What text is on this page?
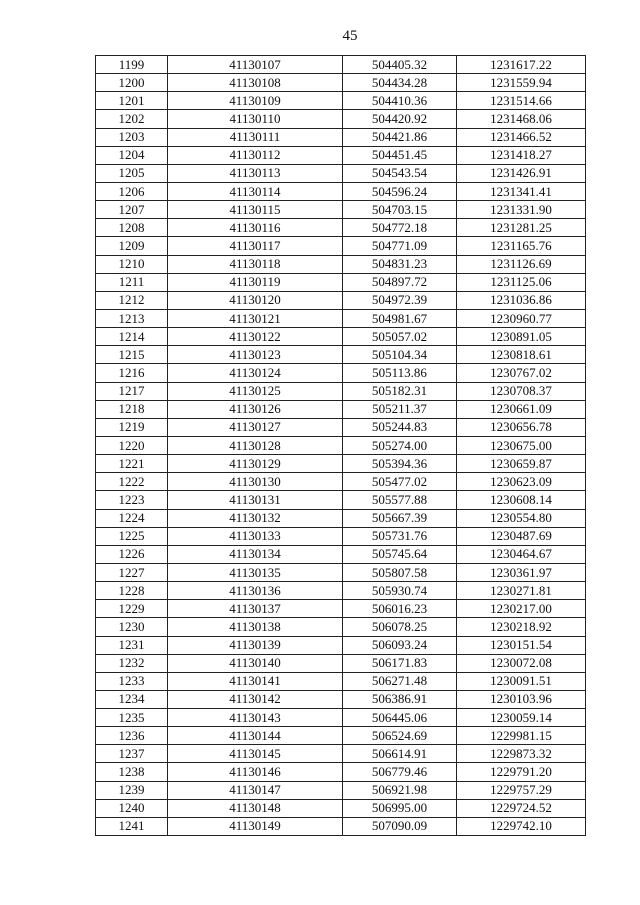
45
1199	41130107	504405.32	1231617.22
1200	41130108	504434.28	1231559.94
1201	41130109	504410.36	1231514.66
1202	41130110	504420.92	1231468.06
1203	41130111	504421.86	1231466.52
1204	41130112	504451.45	1231418.27
1205	41130113	504543.54	1231426.91
1206	41130114	504596.24	1231341.41
1207	41130115	504703.15	1231331.90
1208	41130116	504772.18	1231281.25
1209	41130117	504771.09	1231165.76
1210	41130118	504831.23	1231126.69
1211	41130119	504897.72	1231125.06
1212	41130120	504972.39	1231036.86
1213	41130121	504981.67	1230960.77
1214	41130122	505057.02	1230891.05
1215	41130123	505104.34	1230818.61
1216	41130124	505113.86	1230767.02
1217	41130125	505182.31	1230708.37
1218	41130126	505211.37	1230661.09
1219	41130127	505244.83	1230656.78
1220	41130128	505274.00	1230675.00
1221	41130129	505394.36	1230659.87
1222	41130130	505477.02	1230623.09
1223	41130131	505577.88	1230608.14
1224	41130132	505667.39	1230554.80
1225	41130133	505731.76	1230487.69
1226	41130134	505745.64	1230464.67
1227	41130135	505807.58	1230361.97
1228	41130136	505930.74	1230271.81
1229	41130137	506016.23	1230217.00
1230	41130138	506078.25	1230218.92
1231	41130139	506093.24	1230151.54
1232	41130140	506171.83	1230072.08
1233	41130141	506271.48	1230091.51
1234	41130142	506386.91	1230103.96
1235	41130143	506445.06	1230059.14
1236	41130144	506524.69	1229981.15
1237	41130145	506614.91	1229873.32
1238	41130146	506779.46	1229791.20
1239	41130147	506921.98	1229757.29
1240	41130148	506995.00	1229724.52
1241	41130149	507090.09	1229742.10
